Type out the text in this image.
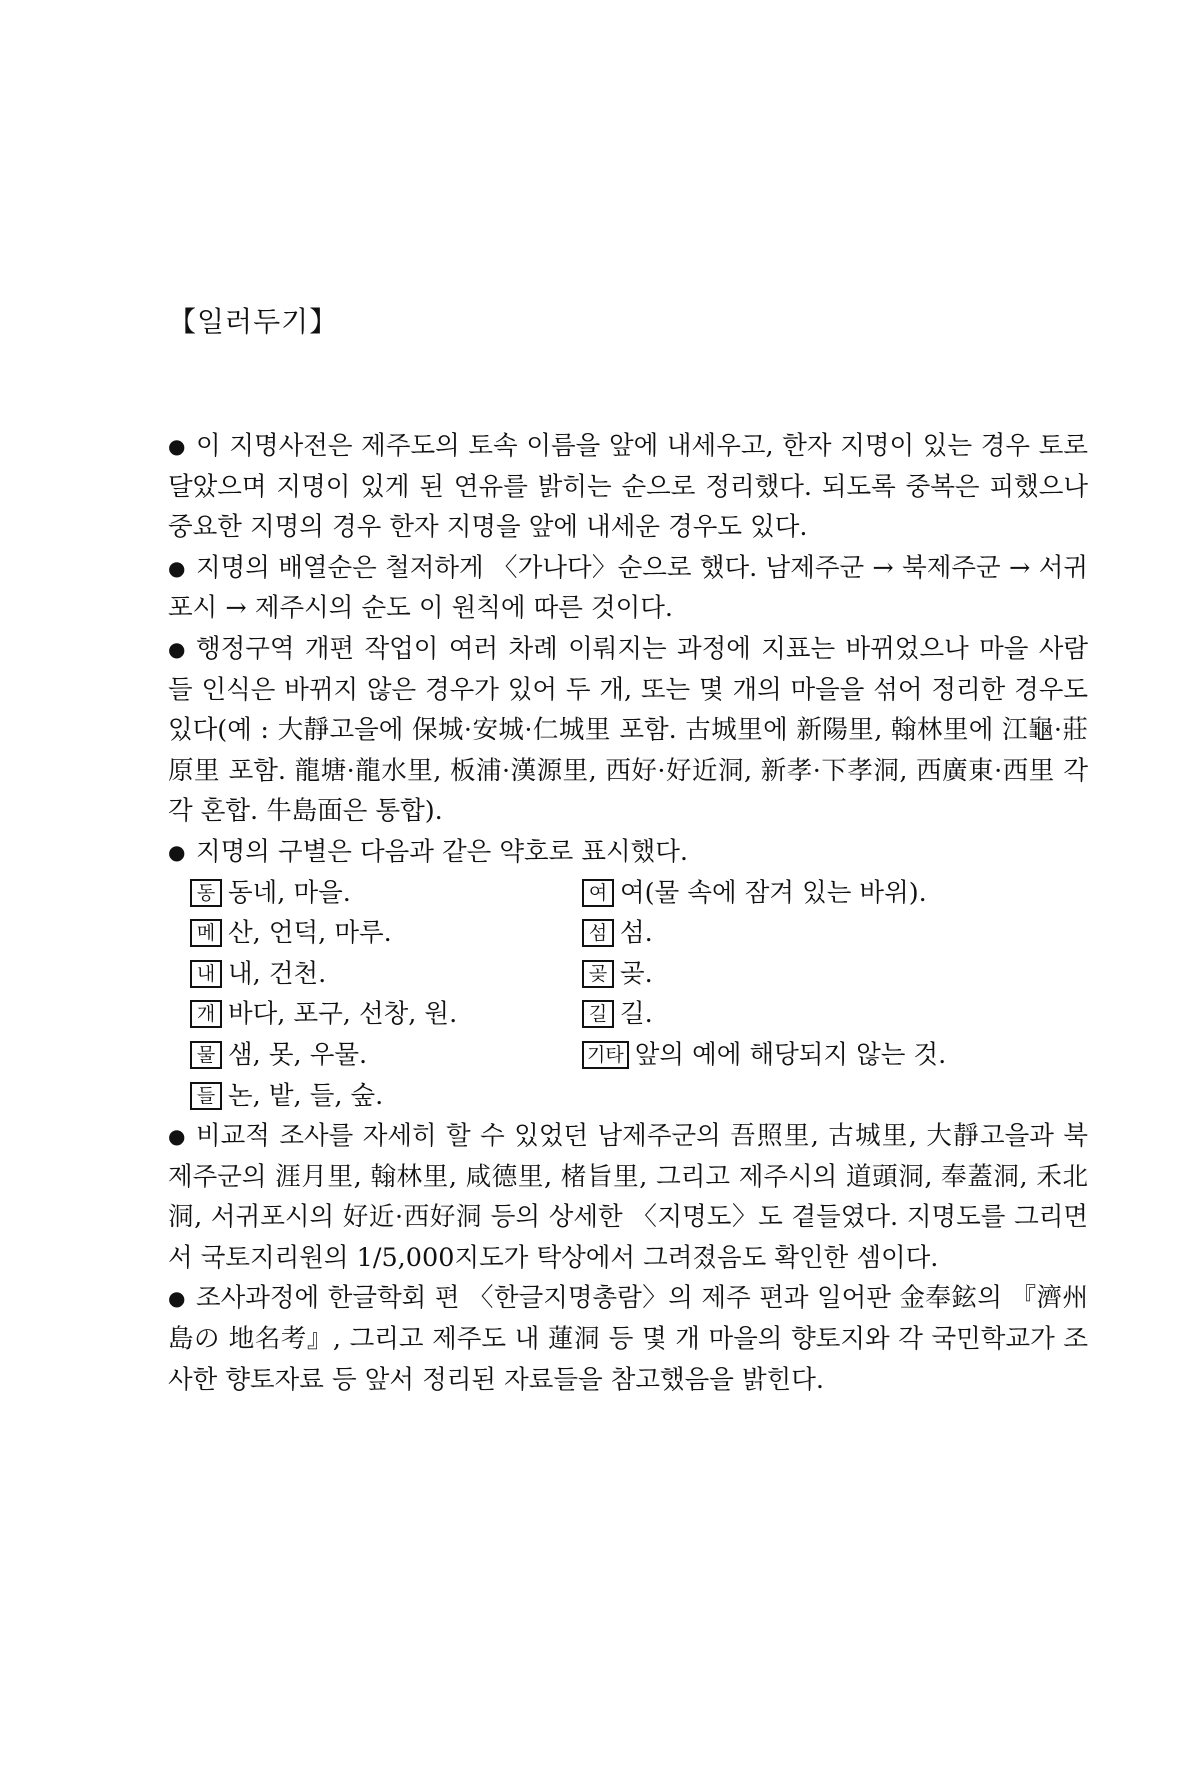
【일러두기】

● 이 지명사전은 제주도의 토속 이름을 앞에 내세우고, 한자 지명이 있는 경우 토로 달았으며 지명이 있게 된 연유를 밝히는 순으로 정리했다. 되도록 중복은 피했으나 중요한 지명의 경우 한자 지명을 앞에 내세운 경우도 있다.

● 지명의 배열순은 철저하게 〈가나다〉순으로 했다. 남제주군 → 북제주군 → 서귀포시 → 제주시의 순도 이 원칙에 따른 것이다.

● 행정구역 개편 작업이 여러 차례 이뤄지는 과정에 지표는 바뀌었으나 마을 사람들 인식은 바뀌지 않은 경우가 있어 두 개, 또는 몇 개의 마을을 섞어 정리한 경우도 있다(예 : 大靜고을에 保城·安城·仁城里 포함. 古城里에 新陽里, 翰林里에 江龜·莊原里 포함. 龍塘·龍水里, 板浦·漢源里, 西好·好近洞, 新孝·下孝洞, 西廣東·西里 각각 혼합. 牛島面은 통합).

● 지명의 구별은 다음과 같은 약호로 표시했다.

동 동네, 마을.	여 여(물 속에 잠겨 있는 바위).
메 산, 언덕, 마루.	섬 섬.
내 내, 건천.	곶 곶.
개 바다, 포구, 선창, 원.	길 길.
물 샘, 못, 우물.	기타 앞의 예에 해당되지 않는 것.
들 논, 밭, 들, 숲.

● 비교적 조사를 자세히 할 수 있었던 남제주군의 吾照里, 古城里, 大靜고을과 북제주군의 涯月里, 翰林里, 咸德里, 楮旨里, 그리고 제주시의 道頭洞, 奉蓋洞, 禾北洞, 서귀포시의 好近·西好洞 등의 상세한 〈지명도〉도 곁들였다. 지명도를 그리면서 국토지리원의 1/5,000지도가 탁상에서 그려졌음도 확인한 셈이다.

● 조사과정에 한글학회 편 〈한글지명총람〉의 제주 편과 일어판 金奉鉉의 『濟州島の 地名考』, 그리고 제주도 내 蓮洞 등 몇 개 마을의 향토지와 각 국민학교가 조사한 향토자료 등 앞서 정리된 자료들을 참고했음을 밝힌다.
